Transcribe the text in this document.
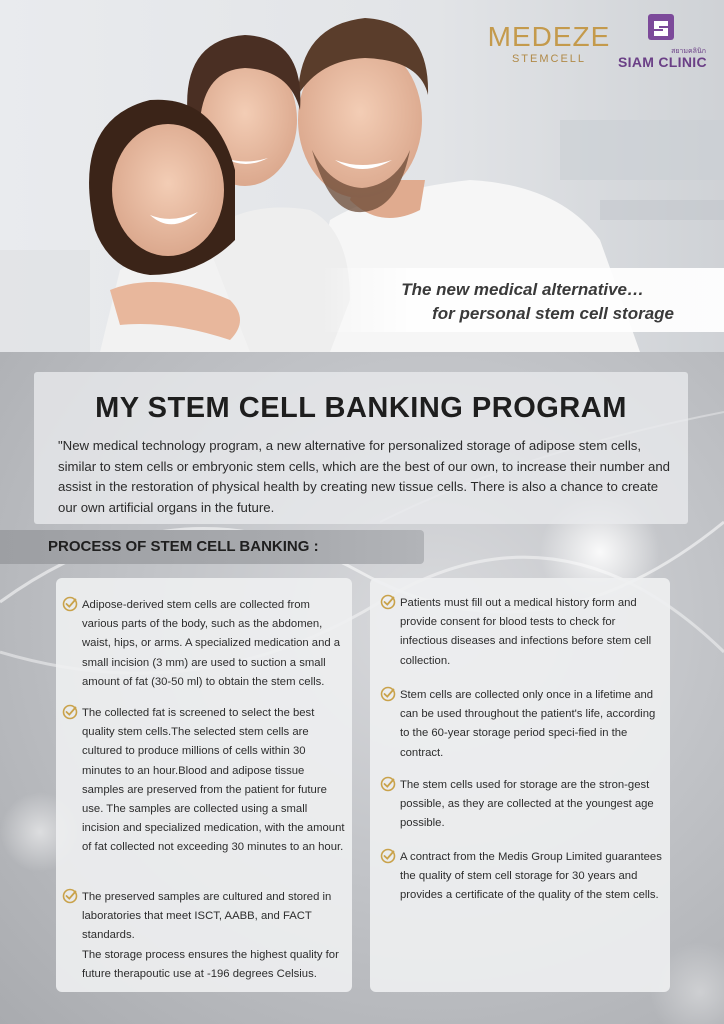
MEDEZE
STEMCELL
สยามคลินิก
SIAM CLINIC
The new medical alternative…
for personal stem cell storage
MY STEM CELL BANKING PROGRAM

"New medical technology program, a new alternative for personalized storage of adipose stem cells, similar to stem cells or embryonic stem cells, which are the best of our own, to increase their number and assist in the restoration of physical health by creating new tissue cells. There is also a chance to create our own artificial organs in the future.

PROCESS OF STEM CELL BANKING :

Adipose-derived stem cells are collected from various parts of the body, such as the abdomen, waist, hips, or arms. A specialized medication and a small incision (3 mm) are used to suction a small amount of fat (30-50 ml) to obtain the stem cells.

The collected fat is screened to select the best quality stem cells.The selected stem cells are cultured to produce millions of cells within 30 minutes to an hour.Blood and adipose tissue samples are preserved from the patient for future use. The samples are collected using a small incision and specialized medication, with the amount of fat collected not exceeding 30 minutes to an hour.

The preserved samples are cultured and stored in laboratories that meet ISCT, AABB, and FACT standards.
The storage process ensures the highest quality for future therapoutic use at -196 degrees Celsius.

Patients must fill out a medical history form and provide consent for blood tests to check for infectious diseases and infections before stem cell collection.

Stem cells are collected only once in a lifetime and can be used throughout the patient's life, according to the 60-year storage period speci-fied in the contract.

The stem cells used for storage are the stron-gest possible, as they are collected at the youngest age possible.

A contract from the Medis Group Limited guarantees the quality of stem cell storage for 30 years and provides a certificate of the quality of the stem cells.
